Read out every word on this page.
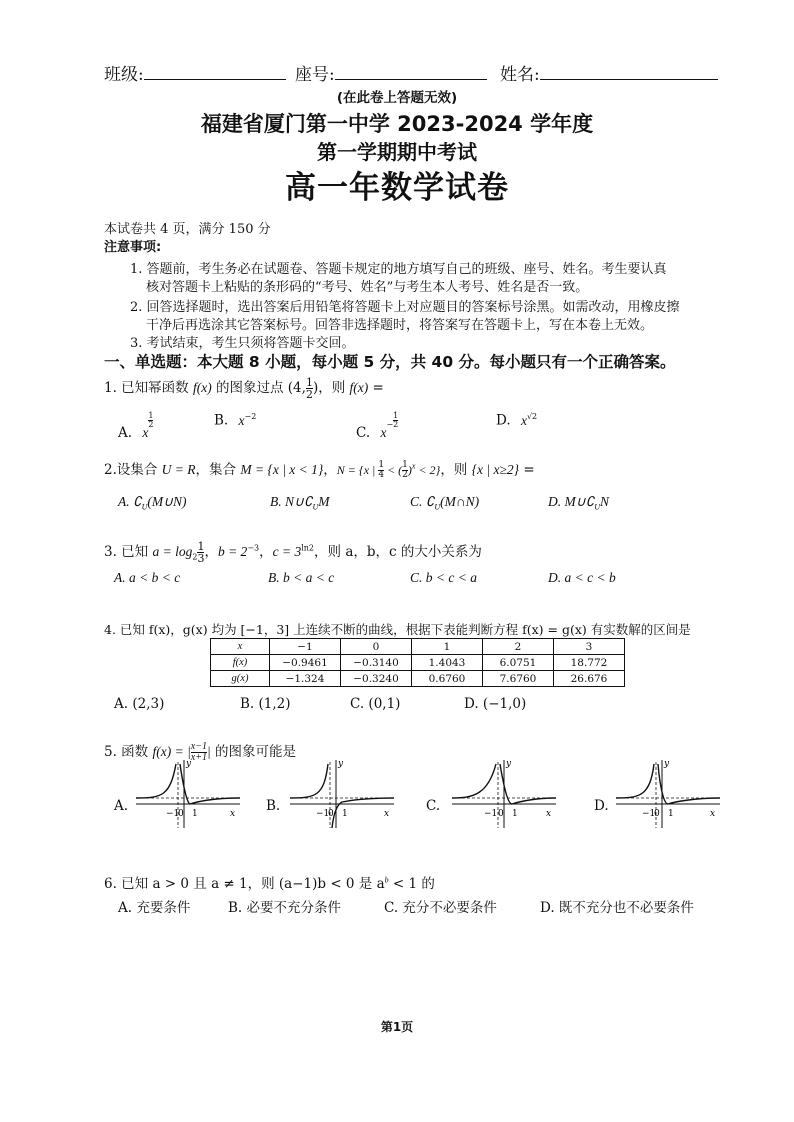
班级:	座号:	姓名:
(在此卷上答题无效)
福建省厦门第一中学 2023-2024 学年度
第一学期期中考试
高一年数学试卷
本试卷共 4 页，满分 150 分
注意事项:
1. 答题前，考生务必在试题卷、答题卡规定的地方填写自己的班级、座号、姓名。考生要认真
核对答题卡上粘贴的条形码的“考号、姓名”与考生本人考号、姓名是否一致。
2. 回答选择题时，选出答案后用铅笔将答题卡上对应题目的答案标号涂黑。如需改动，用橡皮擦
干净后再选涂其它答案标号。回答非选择题时，将答案写在答题卡上，写在本卷上无效。
3. 考试结束，考生只须将答题卡交回。
一、单选题：本大题 8 小题，每小题 5 分，共 40 分。每小题只有一个正确答案。
1. 已知幂函数 f(x) 的图象过点 (4, $\frac{1}{2}$ )，则 f(x) =
A. x
$\frac{1}{2}$	B. $x^{-2}$
C. $x^- \frac{1}{2}$	D. $x^{√2}$
2.设集合 U = R，集合 M = {x | x < 1}，N = {x | $\frac{1}{4}$ < ( $\frac{1}{2} )^x < 2$}，则 {x | x≥2} =
A. $∁_U(M\cup N)$	B. $N\cup∁_UM$	C. $∁_U(M\cap N)$	D. $M\cup∁_UN$
3. 已知 $a = \log_2 \frac{1}{3}$ ，$b = 2^{-3}$，$c = 3^{ln2}$，则 a，b，c 的大小关系为
A. a < b < c	B. b < a < c	C. b < c < a	D. a < c < b
4. 已知 f(x)，g(x) 均为 [−1，3] 上连续不断的曲线，根据下表能判断方程 f(x) = g(x) 有实数解的区间是
x	−1	0	1	2	3
f(x)	−0.9461	−0.3140	1.4043	6.0751	18.772
g(x)	−1.324	−0.3240	0.6760	7.6760	26.676
A. (2,3)	B. (1,2)	C. (0,1)	D. (−1,0)
5. 函数 f(x) = | $\frac{x-1}{x+1}$ | 的图象可能是
A.
y
x
−1
0 1	B.
y
x
−1
0 1	C.
y
x
−1 0 1	D.
y
x
−1
0 1
6. 已知 a > 0 且 a ≠ 1，则 (a−1)b < 0 是 $a^b < 1$ 的
A. 充要条件	B. 必要不充分条件	C. 充分不必要条件	D. 既不充分也不必要条件
第1页
